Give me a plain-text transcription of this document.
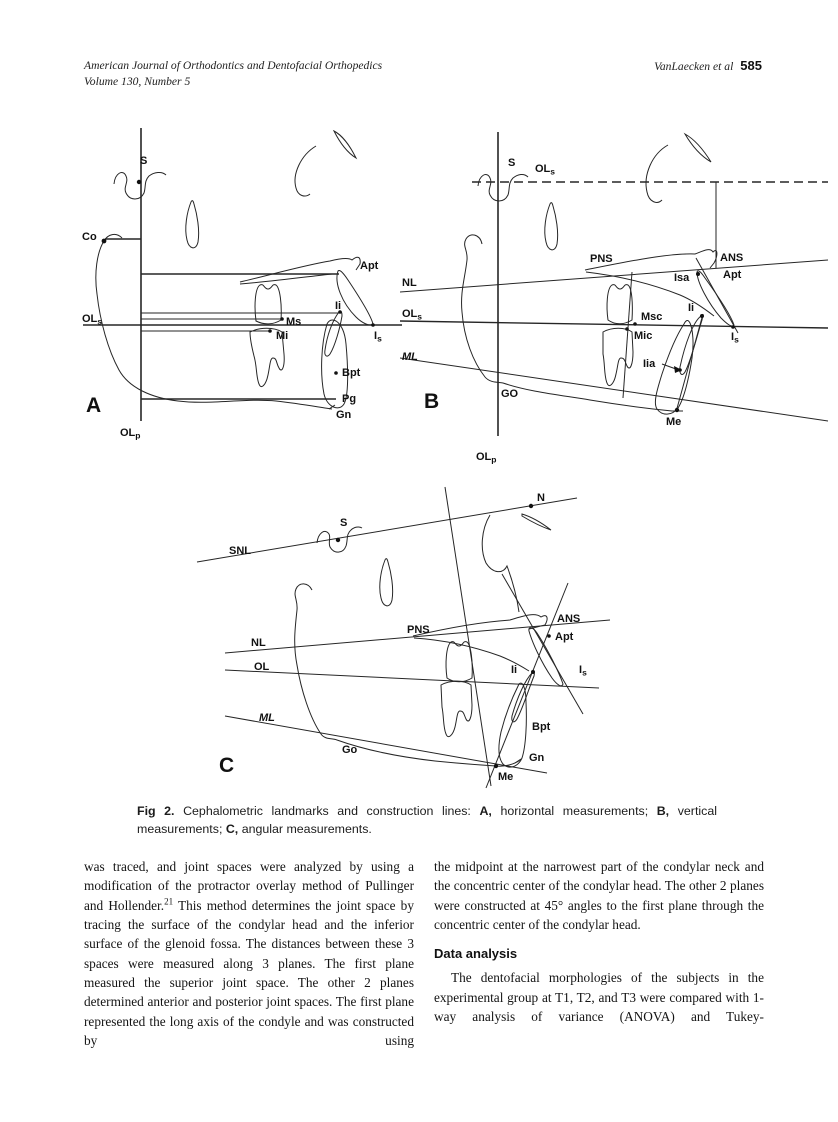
American Journal of Orthodontics and Dentofacial Orthopedics
Volume 130, Number 5
VanLaecken et al 585
S
Co
Apt
$OL_s$	Ms
Mi
Ii
$I_s$
Bpt
Pg
Gn
A
$OL_p$
S $OL_s$
NL
$OL_s$
ML
B	GO
$OL_p$
PNS	ANS
Apt
Isa
Msc
Mic
Ii
$I_s$
Iia
Me
SNL
S
N
NL
PNS
ANS
Apt
OL	Ii	$I_s$
ML
Go
Bpt
Gn
Me
C
Fig 2. Cephalometric landmarks and construction lines: A, horizontal measurements; B, vertical measurements; C, angular measurements.

was traced, and joint spaces were analyzed by using a modification of the protractor overlay method of Pullinger and Hollender.$^{21}$ This method determines the joint space by tracing the surface of the condylar head and the inferior surface of the glenoid fossa. The distances between these 3 spaces were measured along 3 planes. The first plane measured the superior joint space. The other 2 planes determined anterior and posterior joint spaces. The first plane represented the long axis of the condyle and was constructed by using

the midpoint at the narrowest part of the condylar neck and the concentric center of the condylar head. The other 2 planes were constructed at 45° angles to the first plane through the concentric center of the condylar head.

Data analysis

The dentofacial morphologies of the subjects in the experimental group at T1, T2, and T3 were compared with 1-way analysis of variance (ANOVA) and Tukey-
